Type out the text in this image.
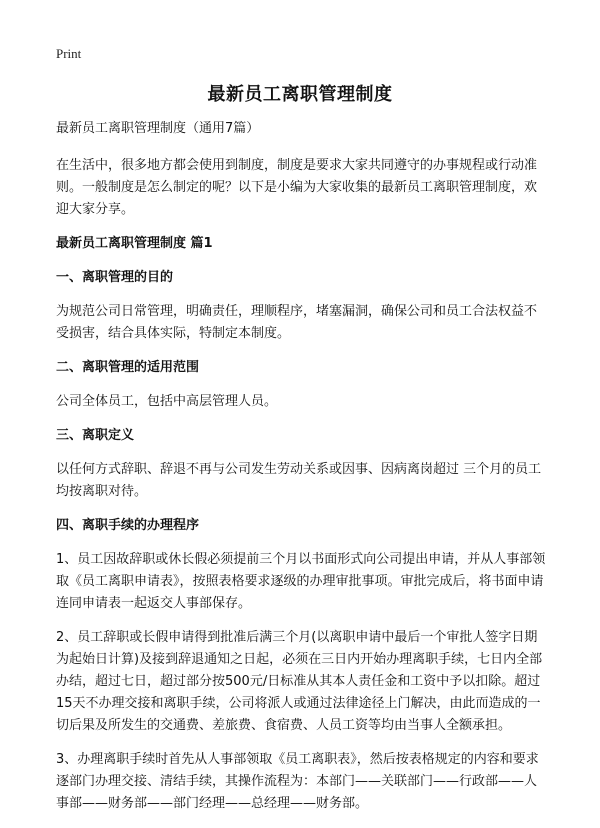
Print
最新员工离职管理制度

最新员工离职管理制度（通用7篇）

在生活中，很多地方都会使用到制度，制度是要求大家共同遵守的办事规程或行动准则。一般制度是怎么制定的呢？以下是小编为大家收集的最新员工离职管理制度，欢迎大家分享。

最新员工离职管理制度 篇1
一、离职管理的目的

为规范公司日常管理，明确责任，理顺程序，堵塞漏洞，确保公司和员工合法权益不受损害，结合具体实际，特制定本制度。

二、离职管理的适用范围

公司全体员工，包括中高层管理人员。

三、离职定义

以任何方式辞职、辞退不再与公司发生劳动关系或因事、因病离岗超过 三个月的员工均按离职对待。

四、离职手续的办理程序

1、员工因故辞职或休长假必须提前三个月以书面形式向公司提出申请，并从人事部领取《员工离职申请表》，按照表格要求逐级的办理审批事项。审批完成后，将书面申请连同申请表一起返交人事部保存。

2、员工辞职或长假申请得到批准后满三个月(以离职申请中最后一个审批人签字日期为起始日计算)及接到辞退通知之日起，必须在三日内开始办理离职手续，七日内全部办结，超过七日，超过部分按500元/日标准从其本人责任金和工资中予以扣除。超过15天不办理交接和离职手续，公司将派人或通过法律途径上门解决，由此而造成的一切后果及所发生的交通费、差旅费、食宿费、人员工资等均由当事人全额承担。

3、办理离职手续时首先从人事部领取《员工离职表》，然后按表格规定的内容和要求逐部门办理交接、清结手续，其操作流程为：本部门——关联部门——行政部——人事部——财务部——部门经理——总经理——财务部。
